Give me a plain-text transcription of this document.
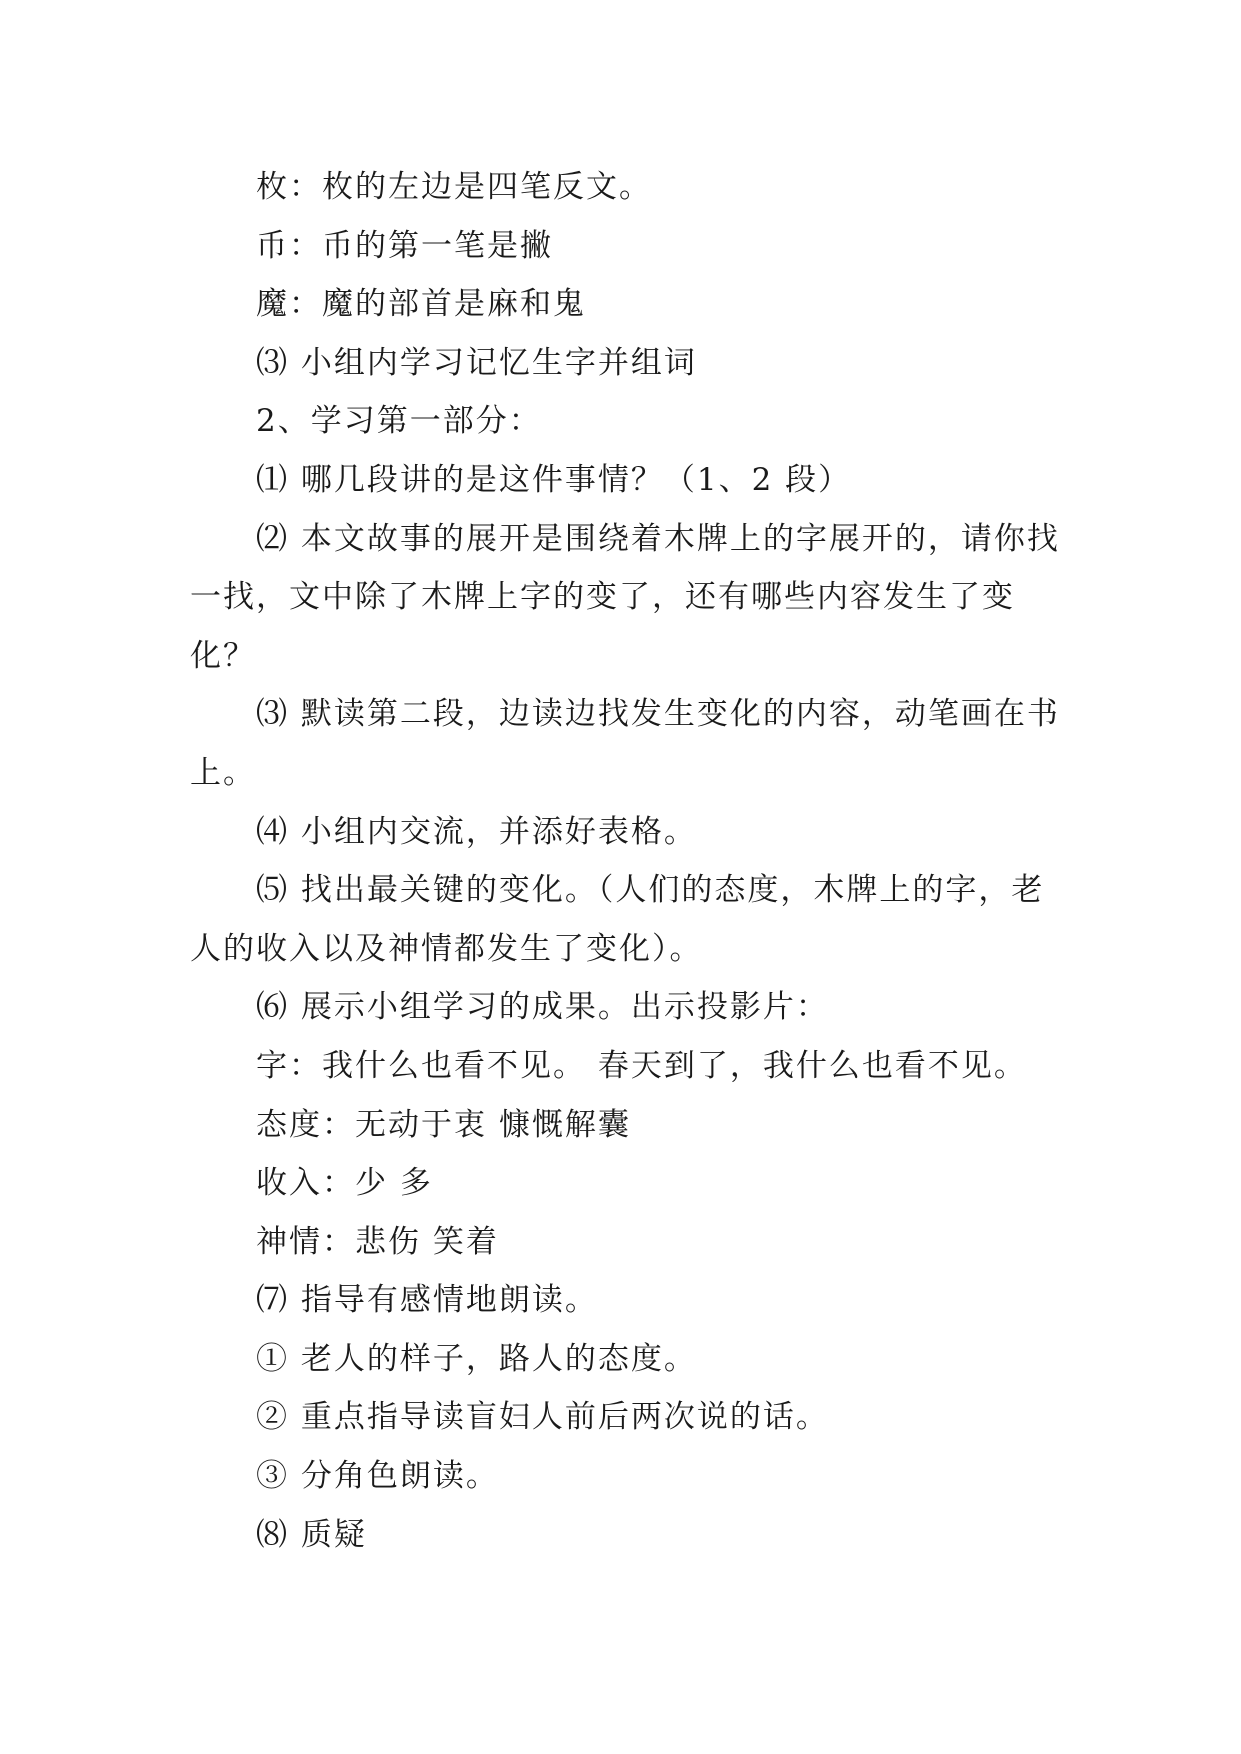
枚：枚的左边是四笔反文。

币：币的第一笔是撇

魔：魔的部首是麻和鬼

⑶ 小组内学习记忆生字并组词

2、学习第一部分：

⑴ 哪几段讲的是这件事情？（1、2 段）

⑵ 本文故事的展开是围绕着木牌上的字展开的，请你找一找，文中除了木牌上字的变了，还有哪些内容发生了变化？

⑶ 默读第二段，边读边找发生变化的内容，动笔画在书上。

⑷ 小组内交流，并添好表格。

⑸ 找出最关键的变化。（人们的态度，木牌上的字，老人的收入以及神情都发生了变化）。

⑹ 展示小组学习的成果。出示投影片：

字：我什么也看不见。 春天到了，我什么也看不见。

态度：无动于衷 慷慨解囊

收入：少 多

神情：悲伤 笑着

⑺ 指导有感情地朗读。

① 老人的样子，路人的态度。

② 重点指导读盲妇人前后两次说的话。

③ 分角色朗读。

⑻ 质疑
